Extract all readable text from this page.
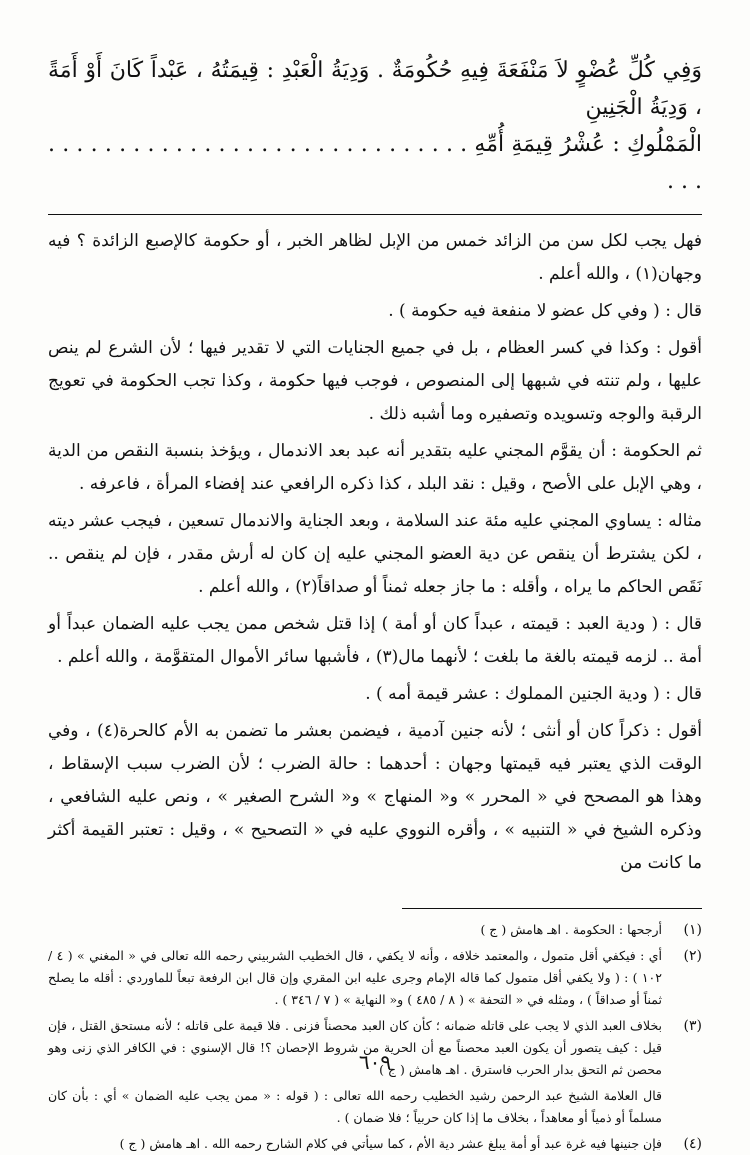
وَفِي كُلِّ عُضْوٍ لاَ مَنْفَعَةَ فِيهِ حُكُومَةٌ . وَدِيَةُ الْعَبْدِ : قِيمَتُهُ ، عَبْداً كَانَ أَوْ أَمَةً ، وَدِيَةُ الْجَنِينِ
الْمَمْلُوكِ : عُشْرُ قِيمَةِ أُمِّهِ . . . . . . . . . . . . . . . . . . . . . . . . . . . . . . . . .

فهل يجب لكل سن من الزائد خمس من الإبل لظاهر الخبر ، أو حكومة كالإصبع الزائدة ؟ فيه وجهان(١) ، والله أعلم .

قال : ( وفي كل عضو لا منفعة فيه حكومة ) .

أقول : وكذا في كسر العظام ، بل في جميع الجنايات التي لا تقدير فيها ؛ لأن الشرع لم ينص عليها ، ولم تنته في شبهها إلى المنصوص ، فوجب فيها حكومة ، وكذا تجب الحكومة في تعويج الرقبة والوجه وتسويده وتصفيره وما أشبه ذلك .

ثم الحكومة : أن يقوَّم المجني عليه بتقدير أنه عبد بعد الاندمال ، ويؤخذ بنسبة النقص من الدية ، وهي الإبل على الأصح ، وقيل : نقد البلد ، كذا ذكره الرافعي عند إفضاء المرأة ، فاعرفه .

مثاله : يساوي المجني عليه مئة عند السلامة ، وبعد الجناية والاندمال تسعين ، فيجب عشر ديته ، لكن يشترط أن ينقص عن دية العضو المجني عليه إن كان له أرش مقدر ، فإن لم ينقص .. نَقَص الحاكم ما يراه ، وأقله : ما جاز جعله ثمناً أو صداقاً(٢) ، والله أعلم .

قال : ( ودية العبد : قيمته ، عبداً كان أو أمة ) إذا قتل شخص ممن يجب عليه الضمان عبداً أو أمة .. لزمه قيمته بالغة ما بلغت ؛ لأنهما مال(٣) ، فأشبها سائر الأموال المتقوَّمة ، والله أعلم .

قال : ( ودية الجنين المملوك : عشر قيمة أمه ) .

أقول : ذكراً كان أو أنثى ؛ لأنه جنين آدمية ، فيضمن بعشر ما تضمن به الأم كالحرة(٤) ، وفي الوقت الذي يعتبر فيه قيمتها وجهان : أحدهما : حالة الضرب ؛ لأن الضرب سبب الإسقاط ، وهذا هو المصحح في « المحرر » و« المنهاج » و« الشرح الصغير » ، ونص عليه الشافعي ، وذكره الشيخ في « التنبيه » ، وأقره النووي عليه في « التصحيح » ، وقيل : تعتبر القيمة أكثر ما كانت من

(١)
أرجحها : الحكومة . اهـ هامش ( ج )
(٢)
أي : فيكفي أقل متمول ، والمعتمد خلافه ، وأنه لا يكفي ، قال الخطيب الشربيني رحمه الله تعالى في « المغني » ( ٤ / ١٠٢ ) : ( ولا يكفي أقل متمول كما قاله الإمام وجرى عليه ابن المقري وإن قال ابن الرفعة تبعاً للماوردي : أقله ما يصلح ثمناً أو صداقاً ) ، ومثله في « التحفة » ( ٨ / ٤٨٥ ) و« النهاية » ( ٧ / ٣٤٦ ) .
(٣)
بخلاف العبد الذي لا يجب على قاتله ضمانه ؛ كأن كان العبد محصناً فزنى . فلا قيمة على قاتله ؛ لأنه مستحق القتل ، فإن قيل : كيف يتصور أن يكون العبد محصناً مع أن الحرية من شروط الإحصان ؟! قال الإسنوي : في الكافر الذي زنى وهو محصن ثم التحق بدار الحرب فاسترق . اهـ هامش ( ج )
قال العلامة الشيخ عبد الرحمن رشيد الخطيب رحمه الله تعالى : ( قوله : « ممن يجب عليه الضمان » أي : بأن كان مسلماً أو ذمياً أو معاهداً ، بخلاف ما إذا كان حربياً ؛ فلا ضمان ) .
(٤)
فإن جنينها فيه غرة عبد أو أمة يبلغ عشر دية الأم ، كما سيأتي في كلام الشارح رحمه الله . اهـ هامش ( ج )
٦٠٩
